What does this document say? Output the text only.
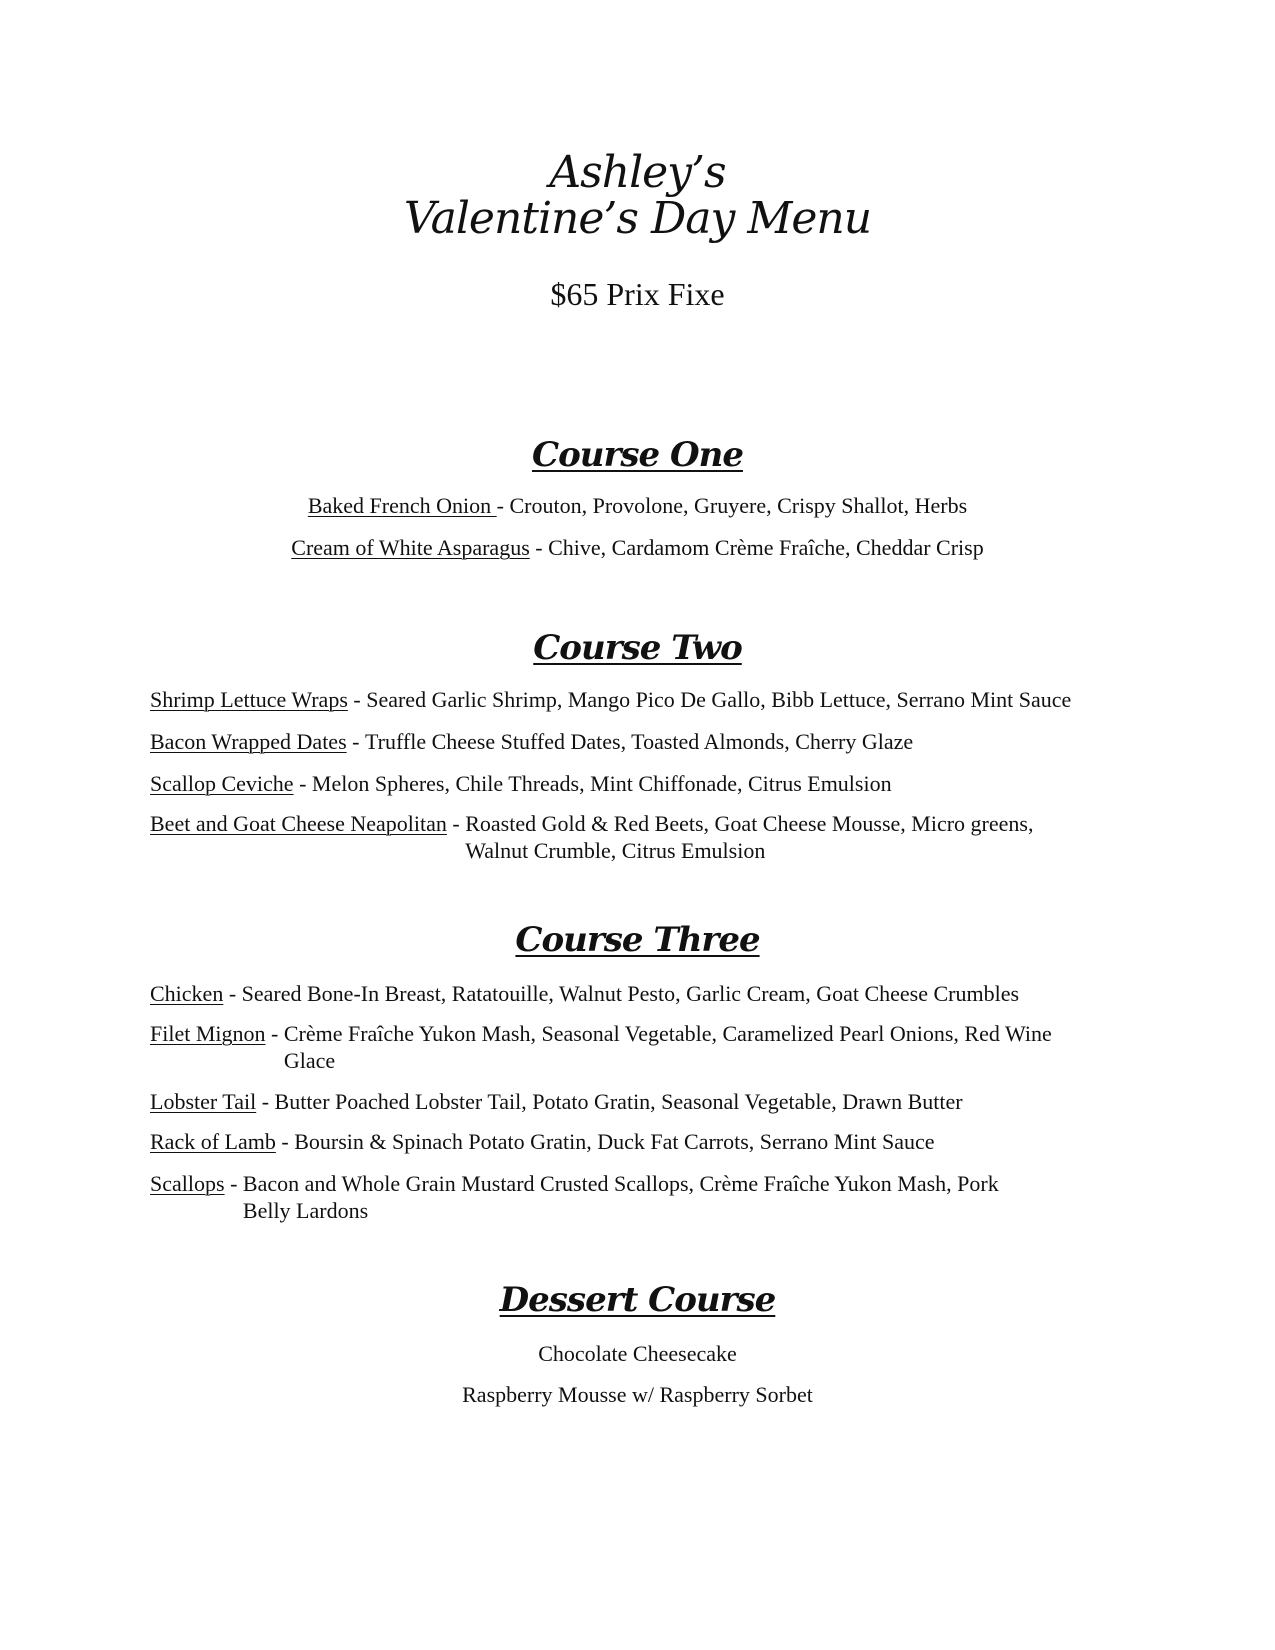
Ashley’s
Valentine’s Day Menu
$65 Prix Fixe
Course One
Baked French Onion - Crouton, Provolone, Gruyere, Crispy Shallot, Herbs
Cream of White Asparagus - Chive, Cardamom Crème Fraîche, Cheddar Crisp
Course Two
Shrimp Lettuce Wraps - Seared Garlic Shrimp, Mango Pico De Gallo, Bibb Lettuce, Serrano Mint Sauce
Bacon Wrapped Dates - Truffle Cheese Stuffed Dates, Toasted Almonds, Cherry Glaze
Scallop Ceviche - Melon Spheres, Chile Threads, Mint Chiffonade, Citrus Emulsion
Beet and Goat Cheese Neapolitan - Roasted Gold & Red Beets, Goat Cheese Mousse, Micro greens, Walnut Crumble, Citrus Emulsion
Course Three
Chicken - Seared Bone-In Breast, Ratatouille, Walnut Pesto, Garlic Cream, Goat Cheese Crumbles
Filet Mignon - Crème Fraîche Yukon Mash, Seasonal Vegetable, Caramelized Pearl Onions, Red Wine Glace
Lobster Tail - Butter Poached Lobster Tail, Potato Gratin, Seasonal Vegetable, Drawn Butter
Rack of Lamb - Boursin & Spinach Potato Gratin, Duck Fat Carrots, Serrano Mint Sauce
Scallops - Bacon and Whole Grain Mustard Crusted Scallops, Crème Fraîche Yukon Mash, Pork Belly Lardons
Dessert Course
Chocolate Cheesecake
Raspberry Mousse w/ Raspberry Sorbet
